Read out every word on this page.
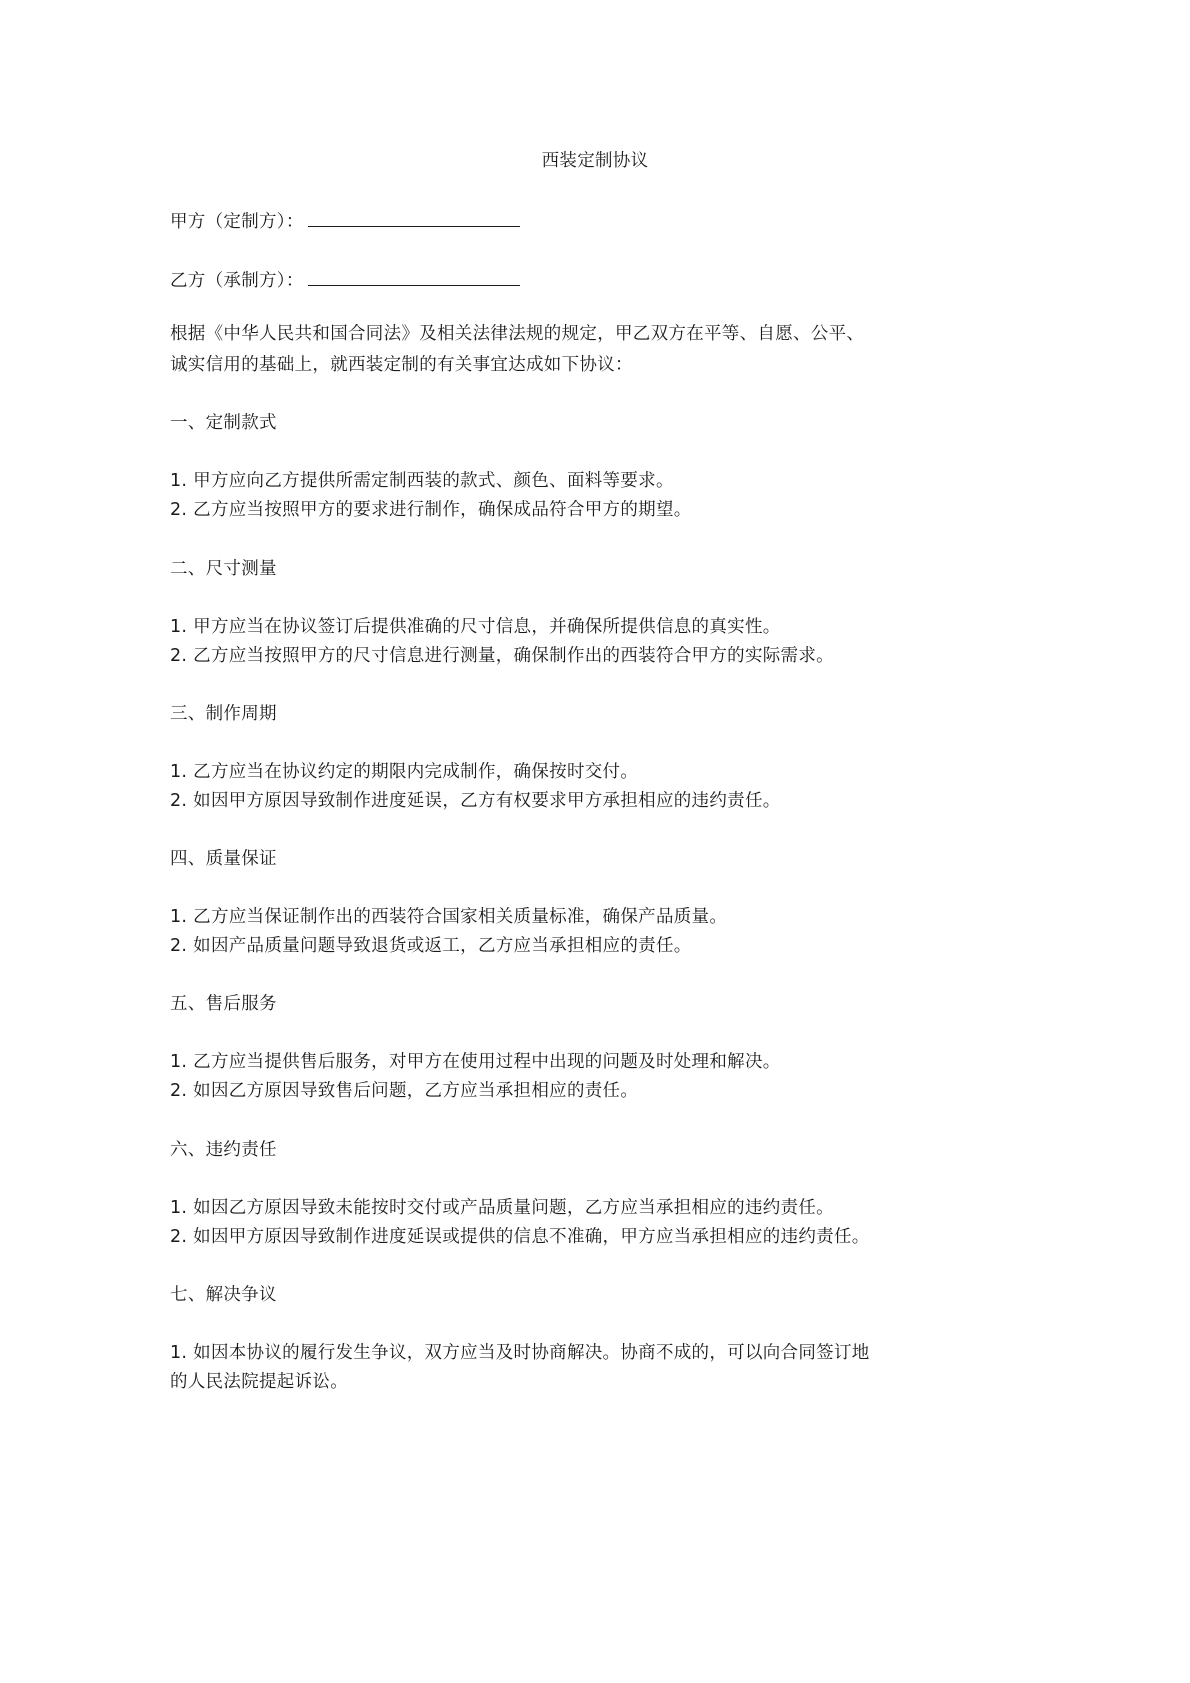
西装定制协议
甲方（定制方）：
乙方（承制方）：
根据《中华人民共和国合同法》及相关法律法规的规定，甲乙双方在平等、自愿、公平、
诚实信用的基础上，就西装定制的有关事宜达成如下协议：
一、定制款式
1. 甲方应向乙方提供所需定制西装的款式、颜色、面料等要求。
2. 乙方应当按照甲方的要求进行制作，确保成品符合甲方的期望。
二、尺寸测量
1. 甲方应当在协议签订后提供准确的尺寸信息，并确保所提供信息的真实性。
2. 乙方应当按照甲方的尺寸信息进行测量，确保制作出的西装符合甲方的实际需求。
三、制作周期
1. 乙方应当在协议约定的期限内完成制作，确保按时交付。
2. 如因甲方原因导致制作进度延误，乙方有权要求甲方承担相应的违约责任。
四、质量保证
1. 乙方应当保证制作出的西装符合国家相关质量标准，确保产品质量。
2. 如因产品质量问题导致退货或返工，乙方应当承担相应的责任。
五、售后服务
1. 乙方应当提供售后服务，对甲方在使用过程中出现的问题及时处理和解决。
2. 如因乙方原因导致售后问题，乙方应当承担相应的责任。
六、违约责任
1. 如因乙方原因导致未能按时交付或产品质量问题，乙方应当承担相应的违约责任。
2. 如因甲方原因导致制作进度延误或提供的信息不准确，甲方应当承担相应的违约责任。
七、解决争议
1. 如因本协议的履行发生争议，双方应当及时协商解决。协商不成的，可以向合同签订地
的人民法院提起诉讼。
